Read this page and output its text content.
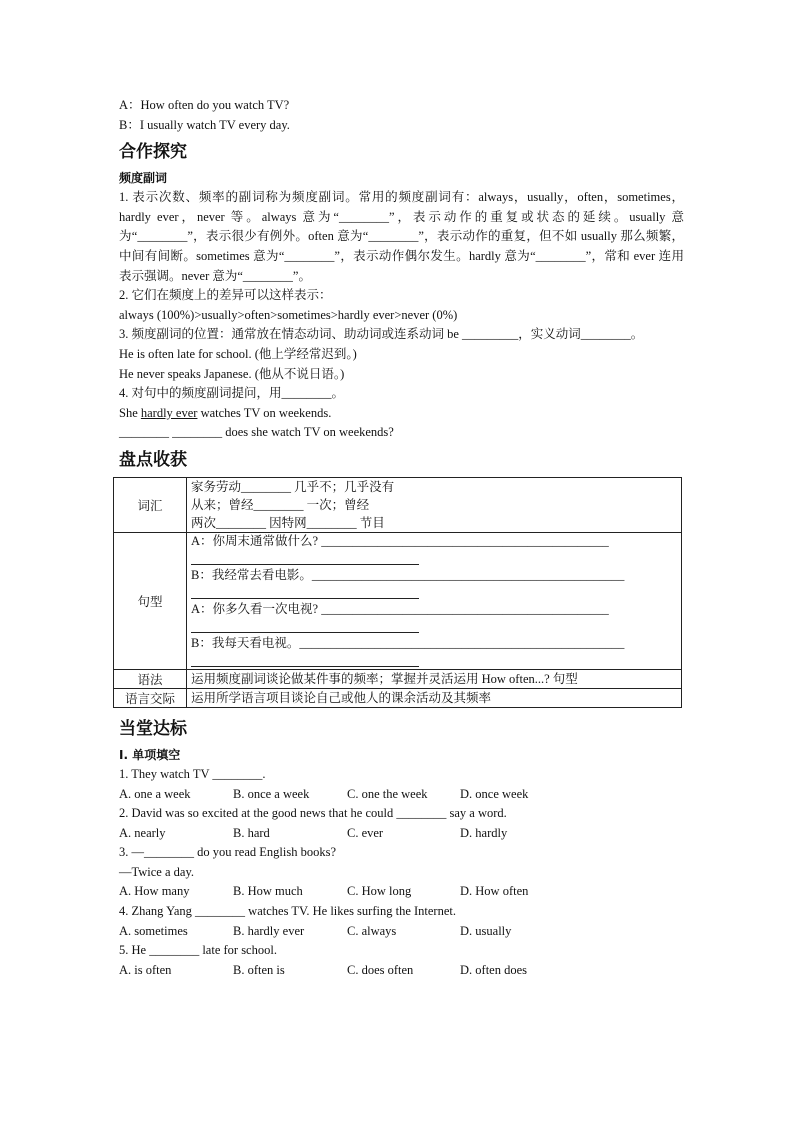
A：How often do you watch TV?
B：I usually watch TV every day.
合作探究
频度副词
1. 表示次数、频率的副词称为频度副词。常用的频度副词有：always，usually，often，sometimes，hardly ever，never 等。always 意为“________”，表示动作的重复或状态的延续。usually 意为“________”，表示很少有例外。often 意为“________”，表示动作的重复，但不如 usually 那么频繁，中间有间断。sometimes 意为“________”，表示动作偶尔发生。hardly 意为“________”，常和 ever 连用表示强调。never 意为“________”。
2. 它们在频度上的差异可以这样表示：
always (100%)>usually>often>sometimes>hardly ever>never (0%)
3. 频度副词的位置：通常放在情态动词、助动词或连系动词 be _________，实义动词________。
He is often late for school. (他上学经常迟到。)
He never speaks Japanese. (他从不说日语。)
4. 对句中的频度副词提问，用________。
She hardly ever watches TV on weekends.
________ ________ does she watch TV on weekends?
盘点收获
词汇	家务劳动________ 几乎不；几乎没有
从来；曾经________ 一次；曾经
两次________ 因特网________ 节目

句型	A：你周末通常做什么? ______________________________________________
B：我经常去看电影。__________________________________________________
A：你多久看一次电视? ______________________________________________
B：我每天看电视。____________________________________________________

语法	运用频度副词谈论做某件事的频率；掌握并灵活运用 How often...? 句型
语言交际	运用所学语言项目谈论自己或他人的课余活动及其频率
当堂达标
Ⅰ. 单项填空
1. They watch TV ________.
A. one a week	B. once a week	C. one the week	D. once week
2. David was so excited at the good news that he could ________ say a word.
A. nearly	B. hard	C. ever	D. hardly
3. —________ do you read English books?
—Twice a day.
A. How many	B. How much	C. How long	D. How often
4. Zhang Yang ________ watches TV. He likes surfing the Internet.
A. sometimes	B. hardly ever	C. always	D. usually
5. He ________ late for school.
A. is often	B. often is	C. does often	D. often does
